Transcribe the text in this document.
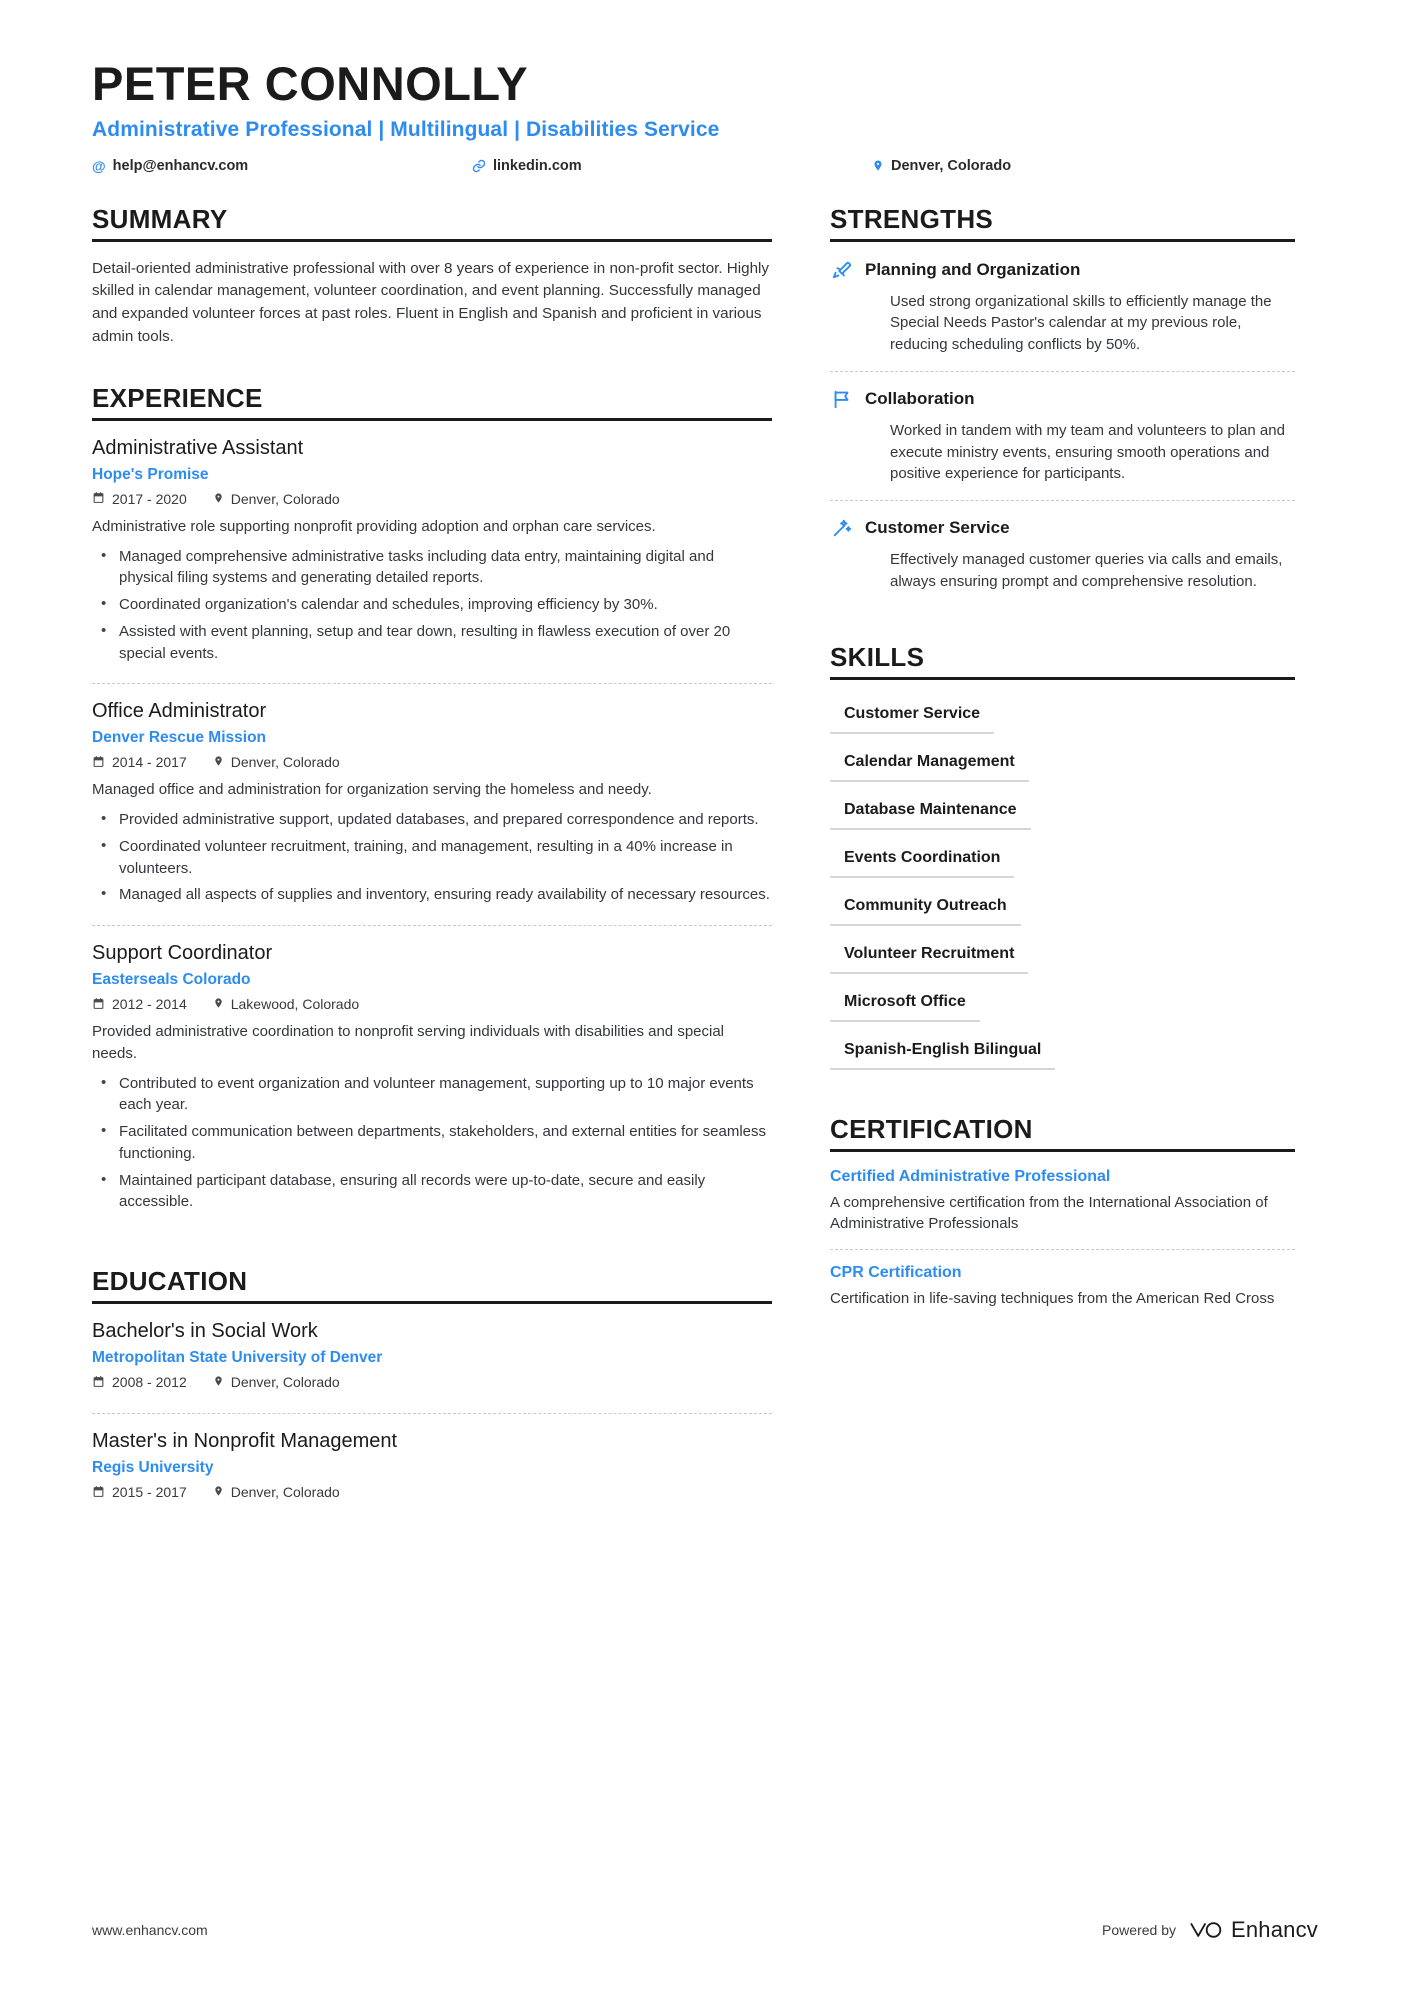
PETER CONNOLLY
Administrative Professional | Multilingual | Disabilities Service
@ help@enhancv.com	linkedin.com	Denver, Colorado
SUMMARY
Detail-oriented administrative professional with over 8 years of experience in non-profit sector. Highly skilled in calendar management, volunteer coordination, and event planning. Successfully managed and expanded volunteer forces at past roles. Fluent in English and Spanish and proficient in various admin tools.
EXPERIENCE
Administrative Assistant
Hope's Promise
2017 - 2020	Denver, Colorado
Administrative role supporting nonprofit providing adoption and orphan care services.
• Managed comprehensive administrative tasks including data entry, maintaining digital and physical filing systems and generating detailed reports.
• Coordinated organization's calendar and schedules, improving efficiency by 30%.
• Assisted with event planning, setup and tear down, resulting in flawless execution of over 20 special events.
Office Administrator
Denver Rescue Mission
2014 - 2017	Denver, Colorado
Managed office and administration for organization serving the homeless and needy.
• Provided administrative support, updated databases, and prepared correspondence and reports.
• Coordinated volunteer recruitment, training, and management, resulting in a 40% increase in volunteers.
• Managed all aspects of supplies and inventory, ensuring ready availability of necessary resources.
Support Coordinator
Easterseals Colorado
2012 - 2014	Lakewood, Colorado
Provided administrative coordination to nonprofit serving individuals with disabilities and special needs.
• Contributed to event organization and volunteer management, supporting up to 10 major events each year.
• Facilitated communication between departments, stakeholders, and external entities for seamless functioning.
• Maintained participant database, ensuring all records were up-to-date, secure and easily accessible.
EDUCATION
Bachelor's in Social Work
Metropolitan State University of Denver
2008 - 2012	Denver, Colorado
Master's in Nonprofit Management
Regis University
2015 - 2017	Denver, Colorado
STRENGTHS
Planning and Organization
Used strong organizational skills to efficiently manage the Special Needs Pastor's calendar at my previous role, reducing scheduling conflicts by 50%.
Collaboration
Worked in tandem with my team and volunteers to plan and execute ministry events, ensuring smooth operations and positive experience for participants.
Customer Service
Effectively managed customer queries via calls and emails, always ensuring prompt and comprehensive resolution.
SKILLS
Customer Service
Calendar Management
Database Maintenance
Events Coordination
Community Outreach
Volunteer Recruitment
Microsoft Office
Spanish-English Bilingual
CERTIFICATION
Certified Administrative Professional
A comprehensive certification from the International Association of Administrative Professionals
CPR Certification
Certification in life-saving techniques from the American Red Cross
www.enhancv.com	Powered by	Enhancv
